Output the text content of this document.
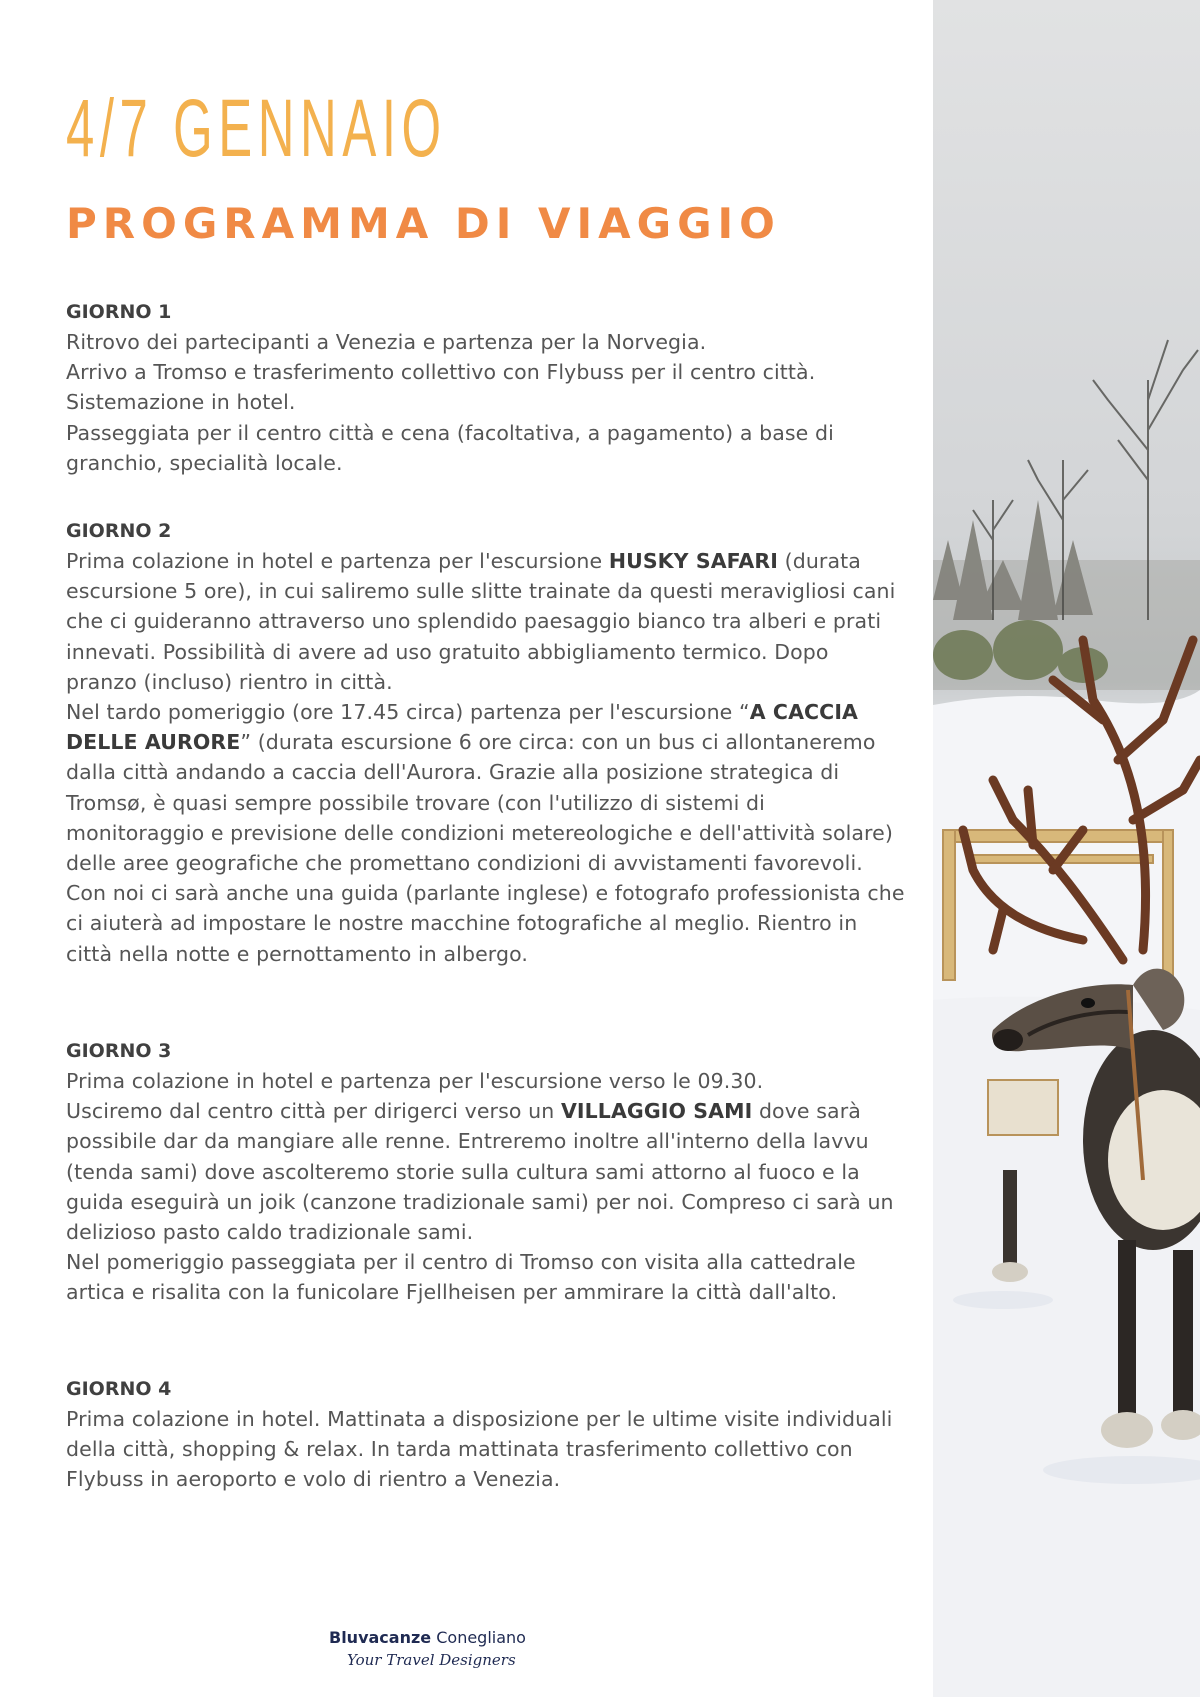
4/7 GENNAIO
PROGRAMMA DI VIAGGIO

GIORNO 1

Ritrovo dei partecipanti a Venezia e partenza per la Norvegia.

Arrivo a Tromso e trasferimento collettivo con Flybuss per il centro città.

Sistemazione in hotel.

Passeggiata per il centro città e cena (facoltativa, a pagamento) a base di

granchio, specialità locale.

GIORNO 2

Prima colazione in hotel e partenza per l'escursione HUSKY SAFARI (durata escursione 5 ore), in cui saliremo sulle slitte trainate da questi meravigliosi cani che ci guideranno attraverso uno splendido paesaggio bianco tra alberi e prati innevati. Possibilità di avere ad uso gratuito abbigliamento termico. Dopo pranzo (incluso) rientro in città.

Nel tardo pomeriggio (ore 17.45 circa) partenza per l'escursione “A CACCIA DELLE AURORE” (durata escursione 6 ore circa: con un bus ci allontaneremo dalla città andando a caccia dell'Aurora. Grazie alla posizione strategica di Tromsø, è quasi sempre possibile trovare (con l'utilizzo di sistemi di monitoraggio e previsione delle condizioni metereologiche e dell'attività solare) delle aree geografiche che promettano condizioni di avvistamenti favorevoli. Con noi ci sarà anche una guida (parlante inglese) e fotografo professionista che ci aiuterà ad impostare le nostre macchine fotografiche al meglio. Rientro in città nella notte e pernottamento in albergo.

GIORNO 3

Prima colazione in hotel e partenza per l'escursione verso le 09.30.

Usciremo dal centro città per dirigerci verso un VILLAGGIO SAMI dove sarà possibile dar da mangiare alle renne. Entreremo inoltre all'interno della lavvu (tenda sami) dove ascolteremo storie sulla cultura sami attorno al fuoco e la guida eseguirà un joik (canzone tradizionale sami) per noi. Compreso ci sarà un delizioso pasto caldo tradizionale sami.

Nel pomeriggio passeggiata per il centro di Tromso con visita alla cattedrale artica e risalita con la funicolare Fjellheisen per ammirare la città dall'alto.

GIORNO 4

Prima colazione in hotel. Mattinata a disposizione per le ultime visite individuali della città, shopping & relax. In tarda mattinata trasferimento collettivo con Flybuss in aeroporto e volo di rientro a Venezia.

Bluvacanze Conegliano
Your Travel Designers
